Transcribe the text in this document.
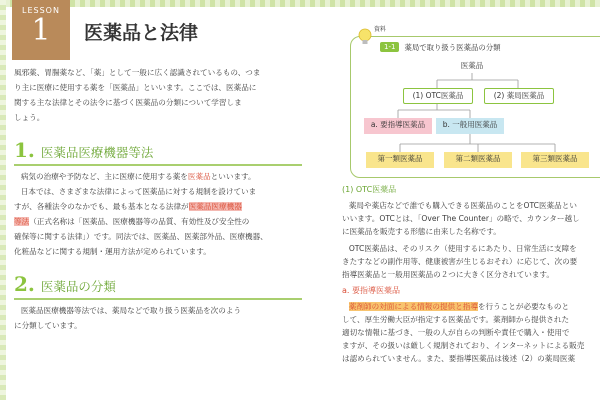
LESSON
1	医薬品と法律

風邪薬、胃腸薬など、「薬」として一般に広く認識されているもの、つま

り主に医療に使用する薬を「医薬品」といいます。ここでは、医薬品に

関する主な法律とその法令に基づく医薬品の分類について学習しま

しょう。

1. 医薬品医療機器等法

病気の治療や予防など、主に医療に使用する薬を医薬品といいます。

日本では、さまざまな法律によって医薬品に対する規制を設けていま

すが、各種法令のなかでも、最も基本となる法律が医薬品医療機器

等法（正式名称は「医薬品、医療機器等の品質、有効性及び安全性の

確保等に関する法律」）です。同法では、医薬品、医薬部外品、医療機器、

化粧品などに関する規制・運用方法が定められています。

2. 医薬品の分類

医薬品医療機器等法では、薬局などで取り扱う医薬品を次のよう

に分類しています。

資料
1-1	薬局で取り扱う医薬品の分類
医薬品
(1) OTC医薬品	(2) 薬局医薬品
a. 要指導医薬品	b. 一般用医薬品
第一類医薬品	第二類医薬品	第三類医薬品
(1) OTC医薬品

薬局や薬店などで誰でも購入できる医薬品のことをOTC医薬品とい

いいます。OTCとは、「Over The Counter」の略で、カウンター越し

に医薬品を販売する形態に由来した名称です。

OTC医薬品は、そのリスク（使用するにあたり、日常生活に支障を

きたすなどの副作用等、健康被害が生じるおそれ）に応じて、次の要

指導医薬品と一般用医薬品の２つに大きく区分されています。

a. 要指導医薬品

薬剤師の対面による情報の提供と指導を行うことが必要なものと

して、厚生労働大臣が指定する医薬品です。薬剤師から提供された

適切な情報に基づき、一般の人が自らの判断や責任で購入・使用で

ますが、その扱いは厳しく規制されており、インターネットによる販売

は認められていません。また、要指導医薬品は後述（2）の薬局医薬
